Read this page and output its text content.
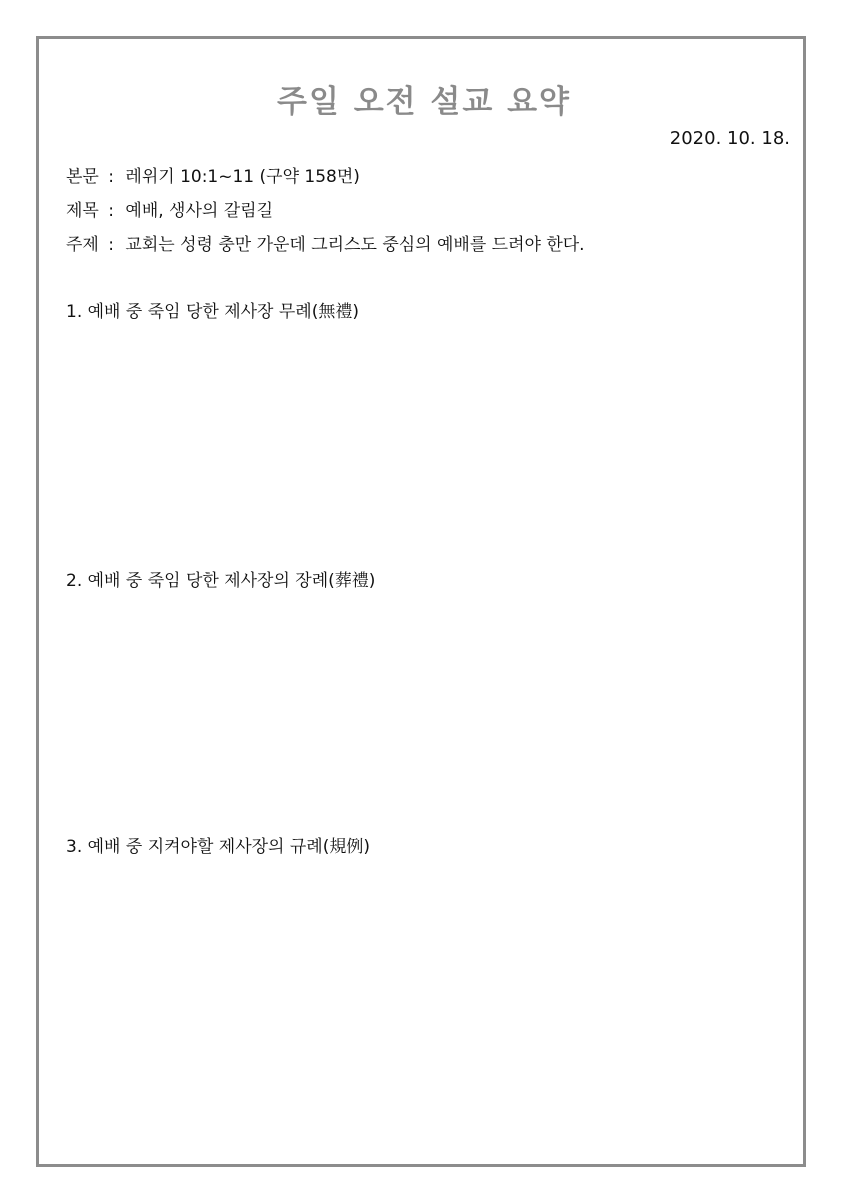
주일 오전 설교 요약
2020. 10. 18.
본문 : 레위기 10:1~11 (구약 158면)
제목 : 예배, 생사의 갈림길
주제 : 교회는 성령 충만 가운데 그리스도 중심의 예배를 드려야 한다.
1. 예배 중 죽임 당한 제사장 무례(無禮)
2. 예배 중 죽임 당한 제사장의 장례(葬禮)
3. 예배 중 지켜야할 제사장의 규례(規例)
